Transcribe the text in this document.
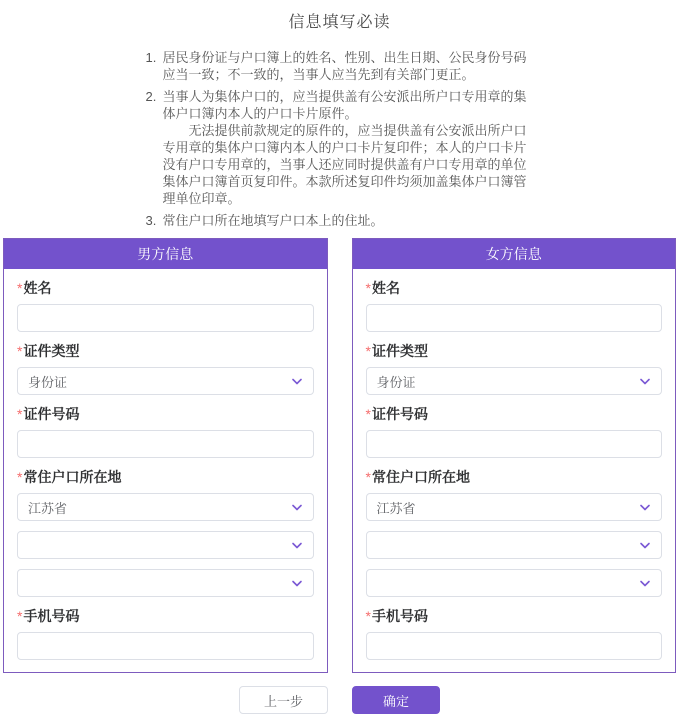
信息填写必读
1. 居民身份证与户口簿上的姓名、性别、出生日期、公民身份号码应当一致；不一致的，当事人应当先到有关部门更正。

2. 当事人为集体户口的，应当提供盖有公安派出所户口专用章的集体户口簿内本人的户口卡片原件。

无法提供前款规定的原件的，应当提供盖有公安派出所户口专用章的集体户口簿内本人的户口卡片复印件；本人的户口卡片没有户口专用章的，当事人还应同时提供盖有户口专用章的单位集体户口簿首页复印件。本款所述复印件均须加盖集体户口簿管理单位印章。

3. 常住户口所在地填写户口本上的住址。

男方信息
*姓名
*证件类型
身份证
*证件号码
*常住户口所在地
江苏省
*手机号码
女方信息
*姓名
*证件类型
身份证
*证件号码
*常住户口所在地
江苏省
*手机号码
上一步	确定
